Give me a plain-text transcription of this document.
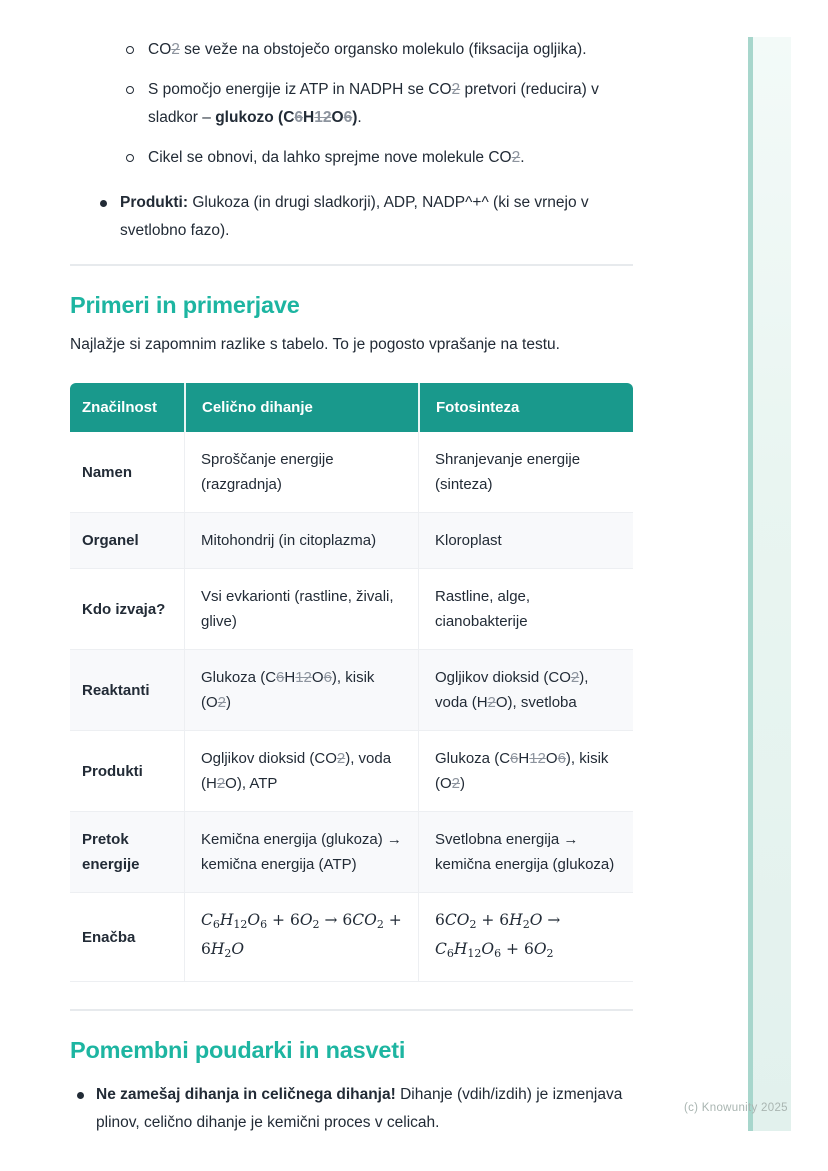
(c) Knowunity 2025
CO2 se veže na obstoječo organsko molekulo (fiksacija ogljika).
S pomočjo energije iz ATP in NADPH se CO2 pretvori (reducira) v sladkor – glukozo (C6H12O6).
Cikel se obnovi, da lahko sprejme nove molekule CO2.
Produkti: Glukoza (in drugi sladkorji), ADP, NADP^+^ (ki se vrnejo v svetlobno fazo).
Primeri in primerjave

Najlažje si zapomnim razlike s tabelo. To je pogosto vprašanje na testu.

Značilnost	Celično dihanje	Fotosinteza
Namen	Sproščanje energije (razgradnja)	Shranjevanje energije (sinteza)
Organel	Mitohondrij (in citoplazma)	Kloroplast
Kdo izvaja?	Vsi evkarionti (rastline, živali, glive)	Rastline, alge, cianobakterije
Reaktanti	Glukoza (C6H12O6), kisik (O2)	Ogljikov dioksid (CO2), voda (H2O), svetloba
Produkti	Ogljikov dioksid (CO2), voda (H2O), ATP	Glukoza (C6H12O6), kisik (O2)
Pretok energije	Kemična energija (glukoza) → kemična energija (ATP)	Svetlobna energija → kemična energija (glukoza)
Enačba	$C_6H_{12}O_6 + 6O_2 \to 6CO_2 + 6H_2O$	$6CO_2 + 6H_2O \to C_6H_{12}O_6 + 6O_2$
Pomembni poudarki in nasveti
Ne zamešaj dihanja in celičnega dihanja! Dihanje (vdih/izdih) je izmenjava plinov, celično dihanje je kemični proces v celicah.
